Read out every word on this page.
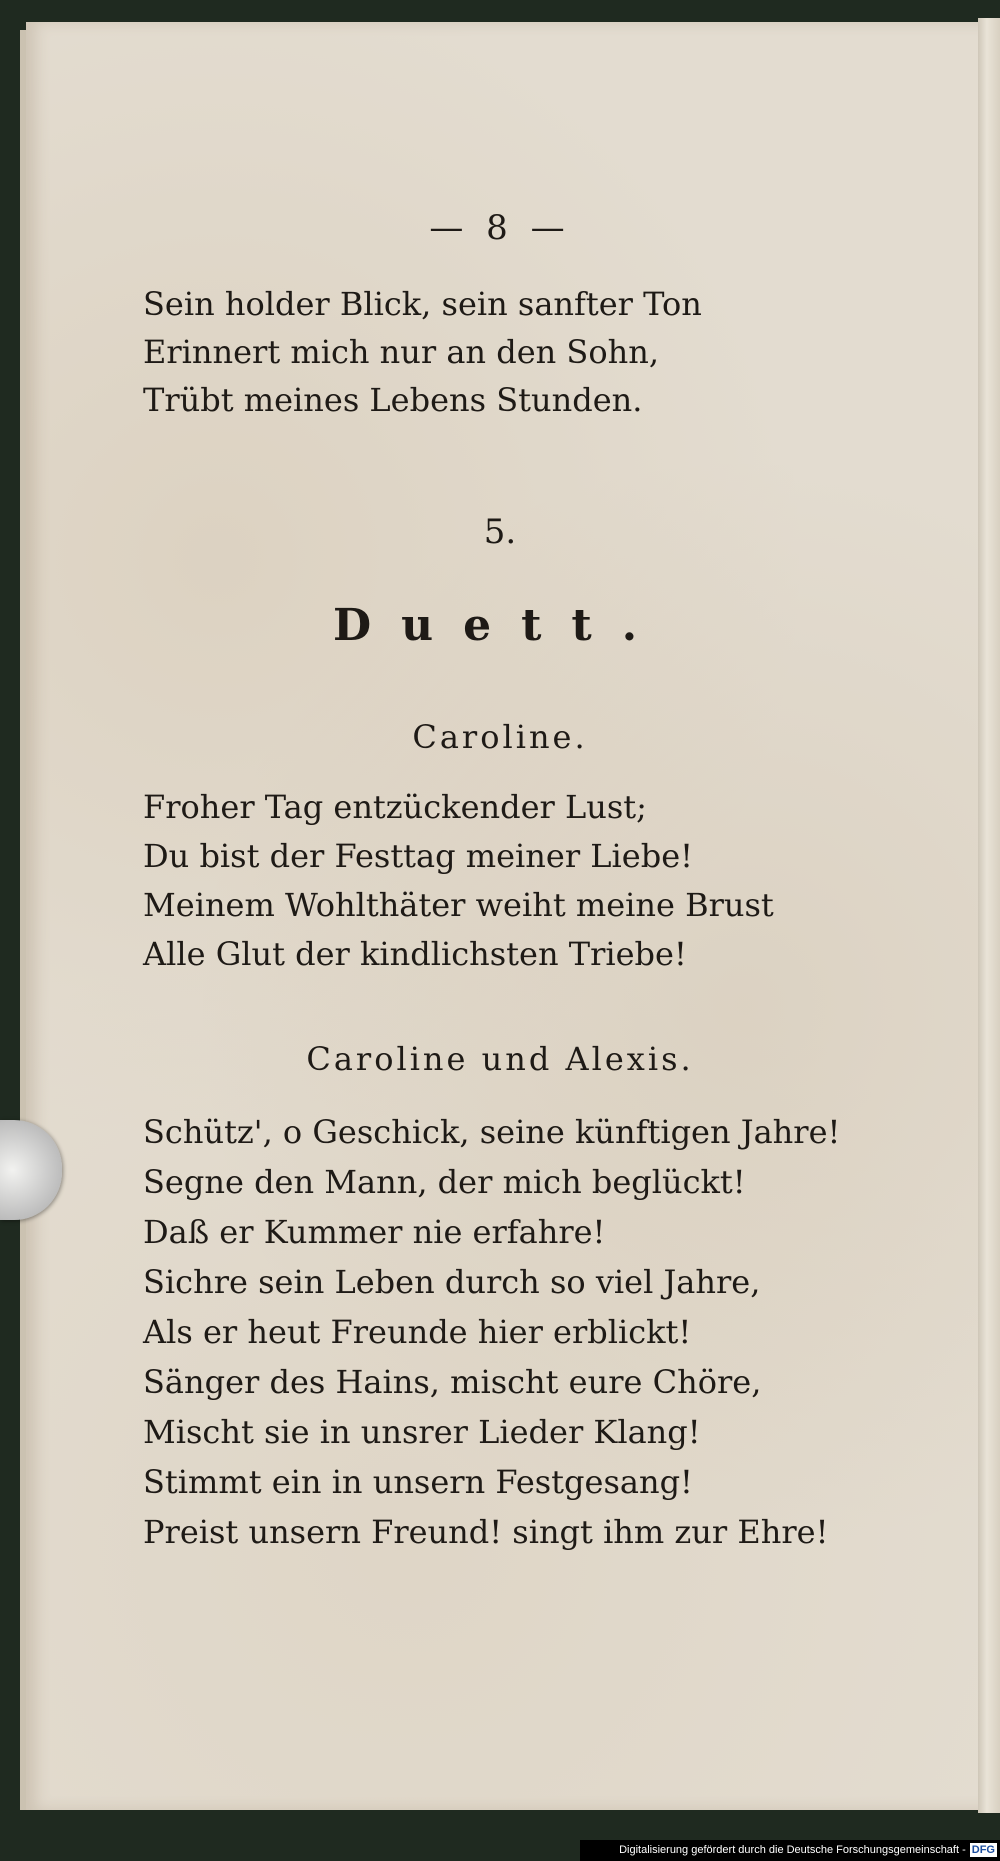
— 8 —
Sein holder Blick, sein sanfter Ton
Erinnert mich nur an den Sohn,
Trübt meines Lebens Stunden.
5.
Duett.
Caroline.
Froher Tag entzückender Lust;
Du bist der Festtag meiner Liebe!
Meinem Wohlthäter weiht meine Brust
Alle Glut der kindlichsten Triebe!
Caroline und Alexis.
Schütz', o Geschick, seine künftigen Jahre!
Segne den Mann, der mich beglückt!
Daß er Kummer nie erfahre!
Sichre sein Leben durch so viel Jahre,
Als er heut Freunde hier erblickt!
Sänger des Hains, mischt eure Chöre,
Mischt sie in unsrer Lieder Klang!
Stimmt ein in unsern Festgesang!
Preist unsern Freund! singt ihm zur Ehre!
Digitalisierung gefördert durch die Deutsche Forschungsgemeinschaft - DFG
